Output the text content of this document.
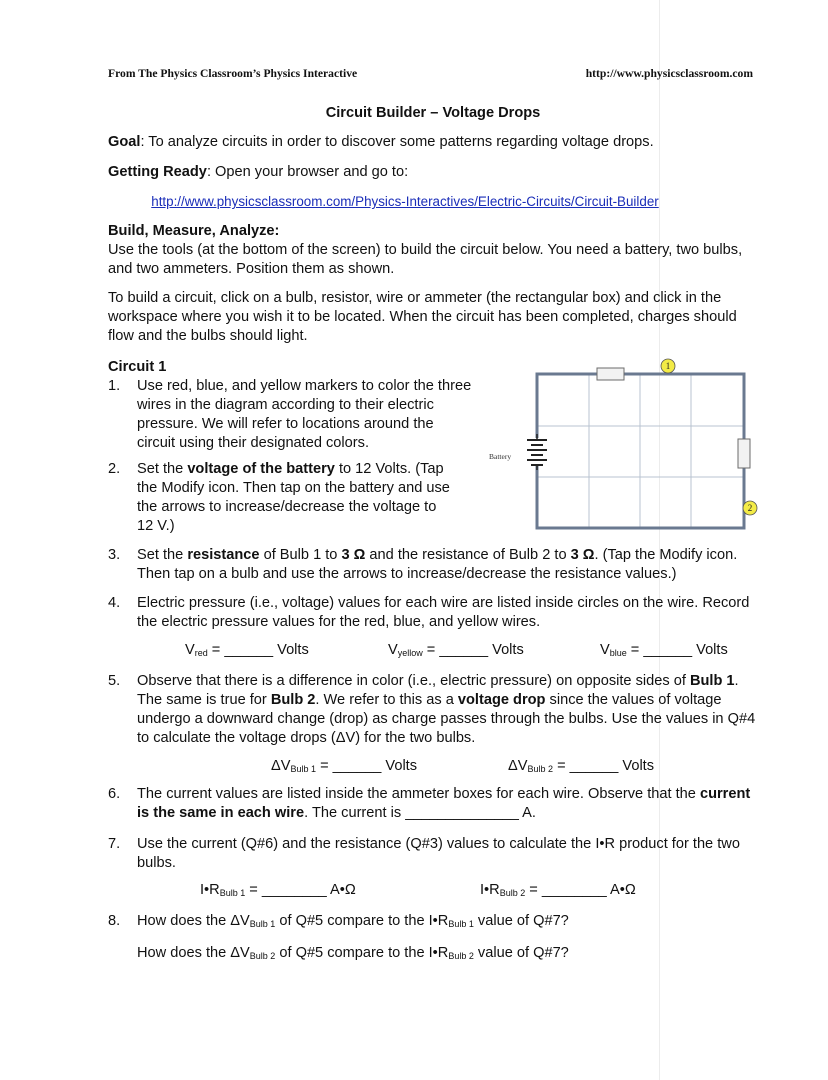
From The Physics Classroom’s Physics Interactive	http://www.physicsclassroom.com
Circuit Builder – Voltage Drops

Goal: To analyze circuits in order to discover some patterns regarding voltage drops.

Getting Ready: Open your browser and go to:

http://www.physicsclassroom.com/Physics-Interactives/Electric-Circuits/Circuit-Builder

Build, Measure, Analyze:

Use the tools (at the bottom of the screen) to build the circuit below. You need a battery, two bulbs, and two ammeters. Position them as shown.

To build a circuit, click on a bulb, resistor, wire or ammeter (the rectangular box) and click in the workspace where you wish it to be located. When the circuit has been completed, charges should flow and the bulbs should light.

Circuit 1

Battery
1
2
1.	Use red, blue, and yellow markers to color the three wires in the diagram according to their electric pressure. We will refer to locations around the circuit using their designated colors.
2.	Set the voltage of the battery to 12 Volts. (Tap the Modify icon. Then tap on the battery and use the arrows to increase/decrease the voltage to 12 V.)
3.	Set the resistance of Bulb 1 to 3 Ω and the resistance of Bulb 2 to 3 Ω. (Tap the Modify icon. Then tap on a bulb and use the arrows to increase/decrease the resistance values.)
4.	Electric pressure (i.e., voltage) values for each wire are listed inside circles on the wire. Record the electric pressure values for the red, blue, and yellow wires.
$V_{red}$ = ______ Volts	$V_{yellow}$ = ______ Volts	$V_{blue}$ = ______ Volts
5.	Observe that there is a difference in color (i.e., electric pressure) on opposite sides of Bulb 1. The same is true for Bulb 2. We refer to this as a voltage drop since the values of voltage undergo a downward change (drop) as charge passes through the bulbs. Use the values in Q#4 to calculate the voltage drops (ΔV) for the two bulbs.
$\Delta V_{Bulb 1}$ = ______ Volts	$\Delta V_{Bulb 2}$ = ______ Volts
6.	The current values are listed inside the ammeter boxes for each wire. Observe that the current is the same in each wire. The current is ______________ A.
7.	Use the current (Q#6) and the resistance (Q#3) values to calculate the I•R product for the two bulbs.
$I•R_{Bulb 1}$ = ________ A•Ω	$I•R_{Bulb 2}$ = ________ A•Ω
8.	How does the $\Delta V_{Bulb 1}$ of Q#5 compare to the $I•R_{Bulb 1}$ value of Q#7?
How does the $\Delta V_{Bulb 2}$ of Q#5 compare to the $I•R_{Bulb 2}$ value of Q#7?
